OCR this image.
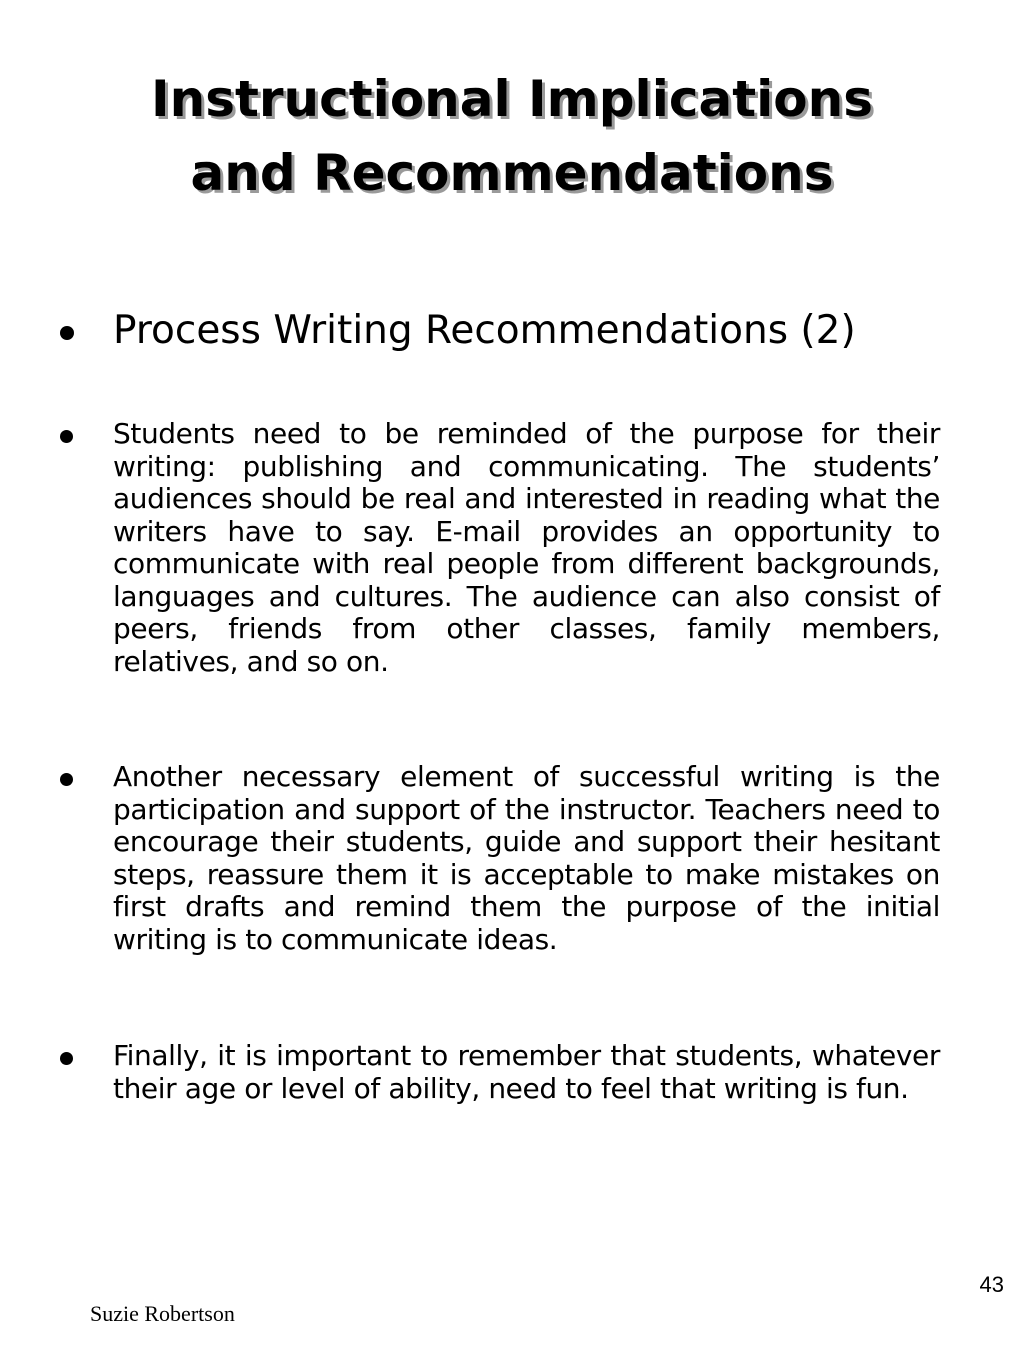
Instructional Implications
and Recommendations
Process Writing Recommendations (2)
Students need to be reminded of the purpose for their writing: publishing and communicating. The students’ audiences should be real and interested in reading what the writers have to say. E-mail provides an opportunity to communicate with real people from different backgrounds, languages and cultures. The audience can also consist of peers, friends from other classes, family members, relatives, and so on.
Another necessary element of successful writing is the participation and support of the instructor. Teachers need to encourage their students, guide and support their hesitant steps, reassure them it is acceptable to make mistakes on first drafts and remind them the purpose of the initial writing is to communicate ideas.
Finally, it is important to remember that students, whatever their age or level of ability, need to feel that writing is fun.
43
Suzie Robertson
